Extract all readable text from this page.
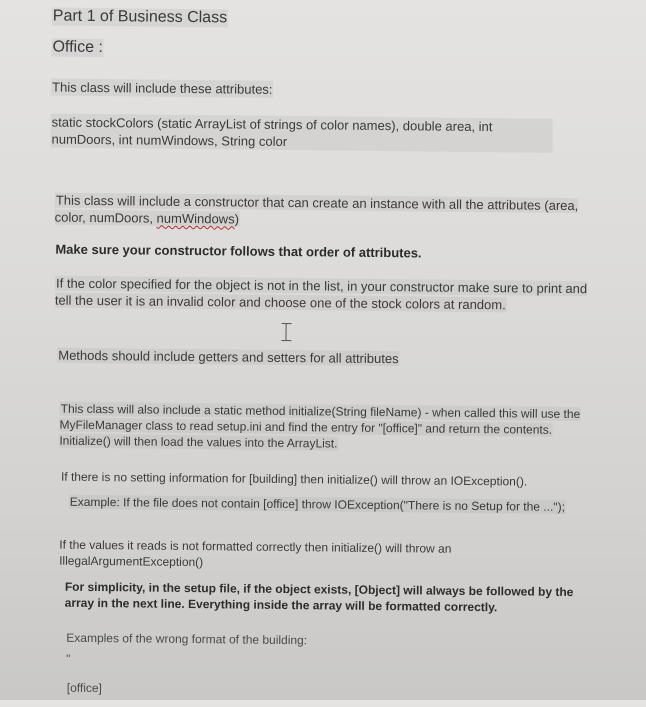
Part 1 of Business Class

Office :

This class will include these attributes:

static stockColors (static ArrayList of strings of color names), double area, int numDoors, int numWindows, String color

This class will include a constructor that can create an instance with all the attributes (area, color, numDoors, numWindows)

Make sure your constructor follows that order of attributes.

If the color specified for the object is not in the list, in your constructor make sure to print and tell the user it is an invalid color and choose one of the stock colors at random.

Methods should include getters and setters for all attributes

This class will also include a static method initialize(String fileName) - when called this will use the MyFileManager class to read setup.ini and find the entry for "[office]" and return the contents. Initialize() will then load the values into the ArrayList.

If there is no setting information for [building] then initialize() will throw an IOException().

Example: If the file does not contain [office] throw IOException("There is no Setup for the ...");

If the values it reads is not formatted correctly then initialize() will throw an IllegalArgumentException()

For simplicity, in the setup file, if the object exists, [Object] will always be followed by the array in the next line. Everything inside the array will be formatted correctly.

Examples of the wrong format of the building:

"

[office]
